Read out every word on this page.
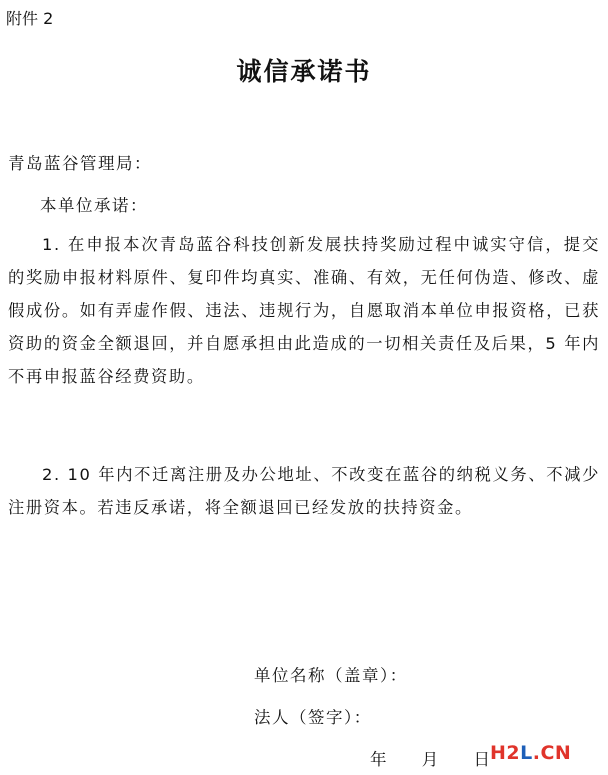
附件 2
诚信承诺书
青岛蓝谷管理局：
本单位承诺：

1. 在申报本次青岛蓝谷科技创新发展扶持奖励过程中诚实守信，提交的奖励申报材料原件、复印件均真实、准确、有效，无任何伪造、修改、虚假成份。如有弄虚作假、违法、违规行为，自愿取消本单位申报资格，已获资助的资金全额退回，并自愿承担由此造成的一切相关责任及后果，5 年内不再申报蓝谷经费资助。

2. 10 年内不迁离注册及办公地址、不改变在蓝谷的纳税义务、不减少注册资本。若违反承诺，将全额退回已经发放的扶持资金。

单位名称（盖章）：
法人（签字）：
年 月 日 H2L.CN
